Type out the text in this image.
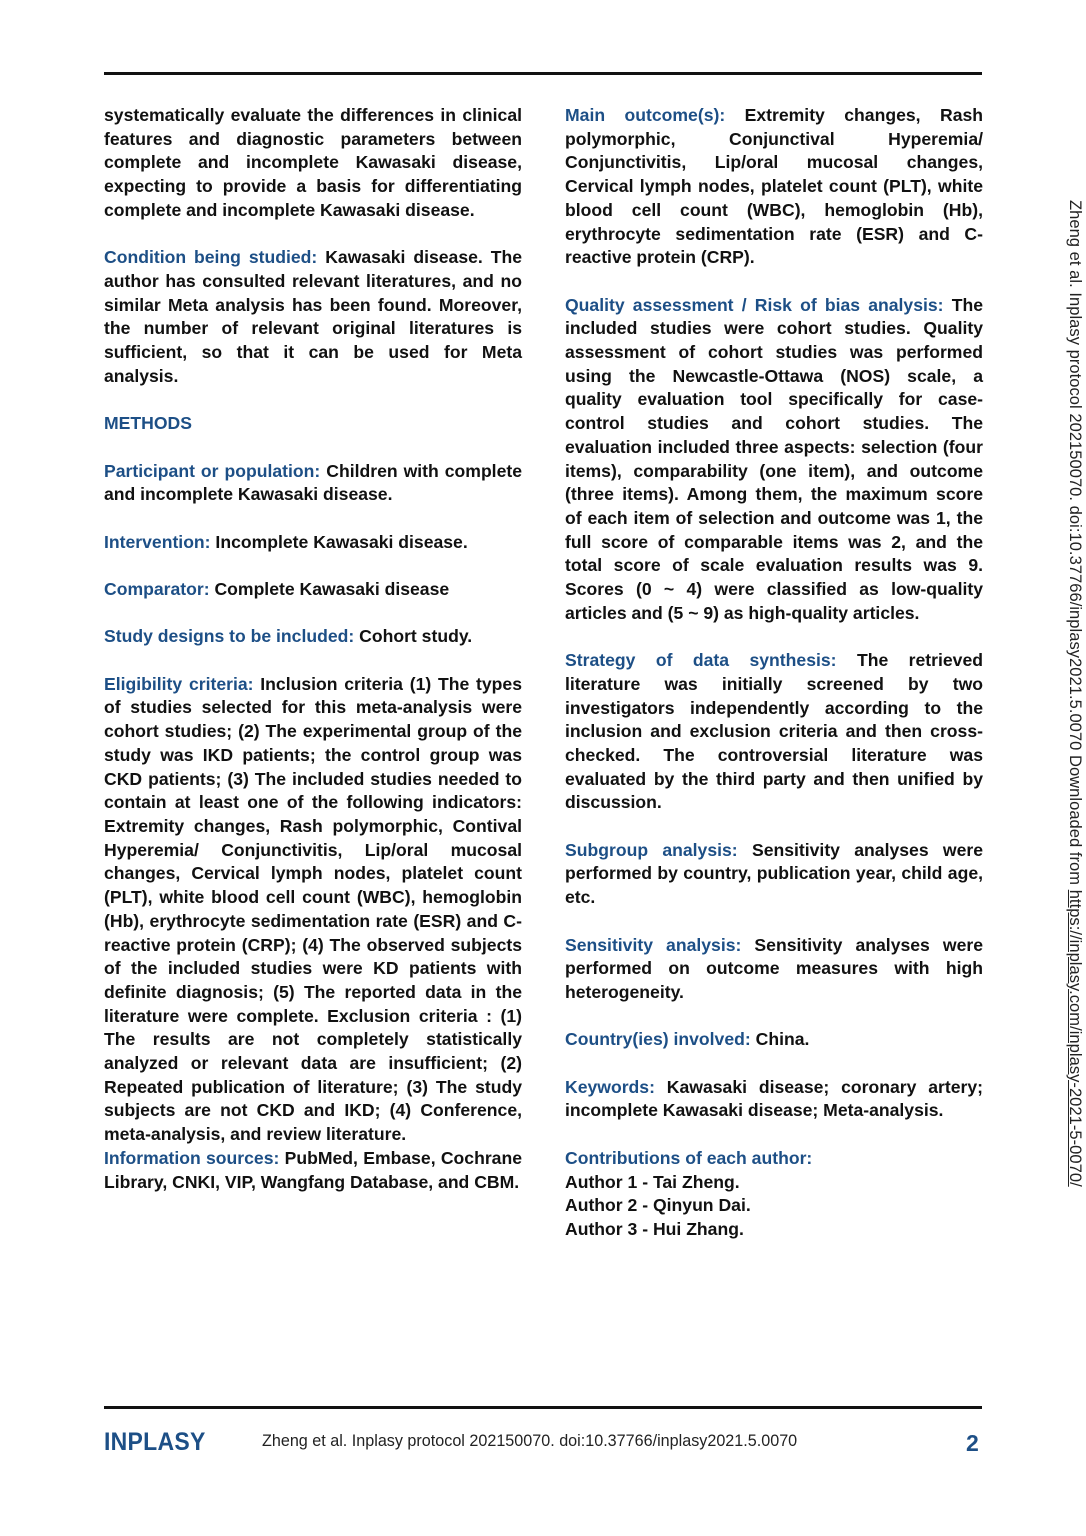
systematically evaluate the differences in clinical features and diagnostic parameters between complete and incomplete Kawasaki disease, expecting to provide a basis for differentiating complete and incomplete Kawasaki disease.

Condition being studied: Kawasaki disease. The author has consulted relevant literatures, and no similar Meta analysis has been found. Moreover, the number of relevant original literatures is sufficient, so that it can be used for Meta analysis.

METHODS

Participant or population: Children with complete and incomplete Kawasaki disease.

Intervention: Incomplete Kawasaki disease.

Comparator: Complete Kawasaki disease

Study designs to be included: Cohort study.

Eligibility criteria: Inclusion criteria (1) The types of studies selected for this meta-analysis were cohort studies; (2) The experimental group of the study was IKD patients; the control group was CKD patients; (3) The included studies needed to contain at least one of the following indicators: Extremity changes, Rash polymorphic, Contival Hyperemia/ Conjunctivitis, Lip/oral mucosal changes, Cervical lymph nodes, platelet count (PLT), white blood cell count (WBC), hemoglobin (Hb), erythrocyte sedimentation rate (ESR) and C-reactive protein (CRP); (4) The observed subjects of the included studies were KD patients with definite diagnosis; (5) The reported data in the literature were complete. Exclusion criteria : (1) The results are not completely statistically analyzed or relevant data are insufficient; (2) Repeated publication of literature; (3) The study subjects are not CKD and IKD; (4) Conference, meta-analysis, and review literature.

Information sources: PubMed, Embase, Cochrane Library, CNKI, VIP, Wangfang Database, and CBM.

Main outcome(s): Extremity changes, Rash polymorphic, Conjunctival Hyperemia/ Conjunctivitis, Lip/oral mucosal changes, Cervical lymph nodes, platelet count (PLT), white blood cell count (WBC), hemoglobin (Hb), erythrocyte sedimentation rate (ESR) and C-reactive protein (CRP).

Quality assessment / Risk of bias analysis: The included studies were cohort studies. Quality assessment of cohort studies was performed using the Newcastle-Ottawa (NOS) scale, a quality evaluation tool specifically for case-control studies and cohort studies. The evaluation included three aspects: selection (four items), comparability (one item), and outcome (three items). Among them, the maximum score of each item of selection and outcome was 1, the full score of comparable items was 2, and the total score of scale evaluation results was 9. Scores (0 ~ 4) were classified as low-quality articles and (5 ~ 9) as high-quality articles.

Strategy of data synthesis: The retrieved literature was initially screened by two investigators independently according to the inclusion and exclusion criteria and then cross-checked. The controversial literature was evaluated by the third party and then unified by discussion.

Subgroup analysis: Sensitivity analyses were performed by country, publication year, child age, etc.

Sensitivity analysis: Sensitivity analyses were performed on outcome measures with high heterogeneity.

Country(ies) involved: China.

Keywords: Kawasaki disease; coronary artery; incomplete Kawasaki disease; Meta-analysis.

Contributions of each author:
Author 1 - Tai Zheng.
Author 2 - Qinyun Dai.
Author 3 - Hui Zhang.
Zheng et al. Inplasy protocol 202150070. doi:10.37766/inplasy2021.5.0070 Downloaded from https://inplasy.com/inplasy-2021-5-0070/
INPLASY	Zheng et al. Inplasy protocol 202150070. doi:10.37766/inplasy2021.5.0070	2
